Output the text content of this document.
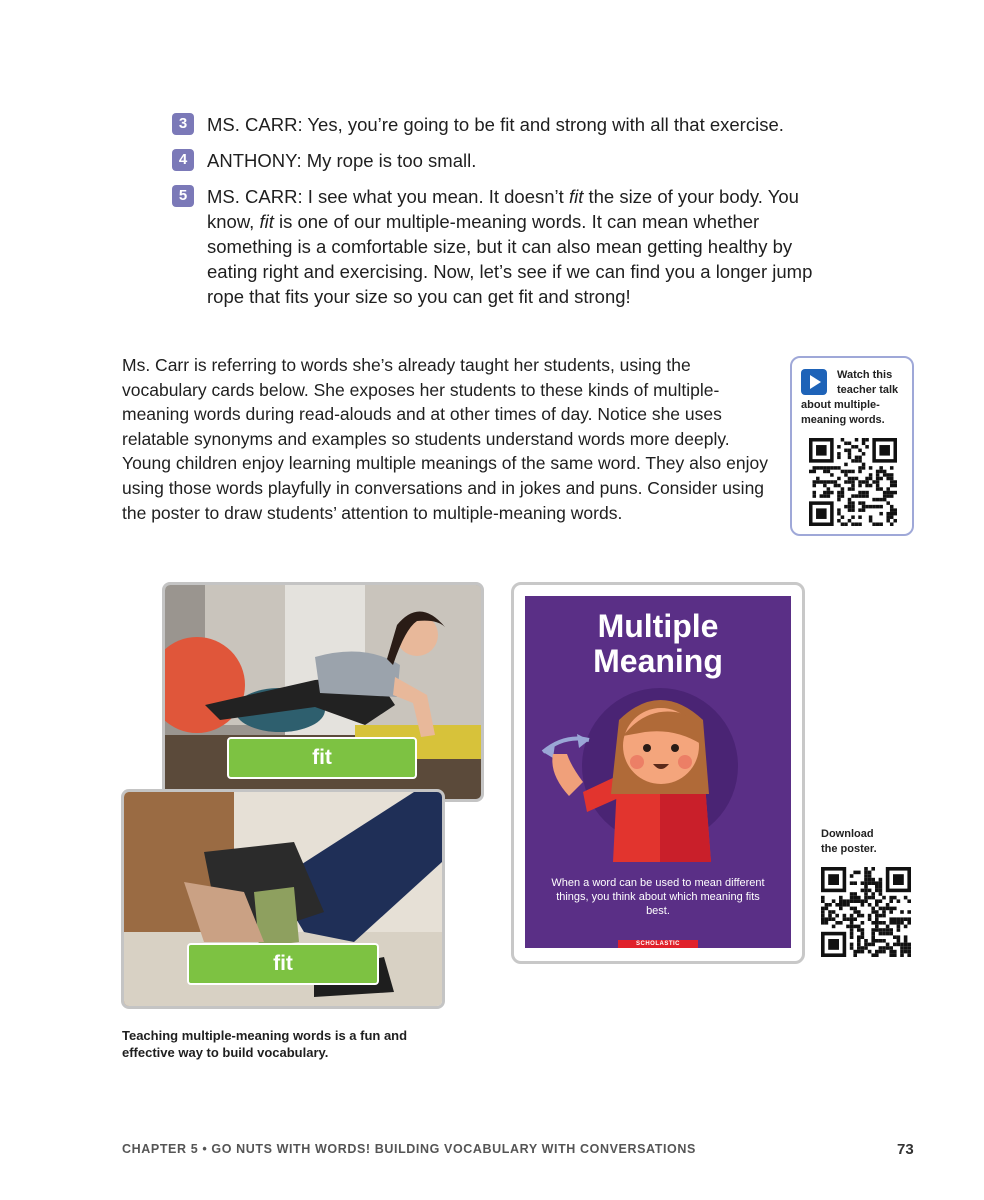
3	MS. CARR: Yes, you’re going to be fit and strong with all that exercise.
4	ANTHONY: My rope is too small.
5	MS. CARR: I see what you mean. It doesn’t fit the size of your body. You know, fit is one of our multiple-meaning words. It can mean whether something is a comfortable size, but it can also mean getting healthy by eating right and exercising. Now, let’s see if we can find you a longer jump rope that fits your size so you can get fit and strong!
Ms. Carr is referring to words she’s already taught her students, using the vocabulary cards below. She exposes her students to these kinds of multiple-meaning words during read-alouds and at other times of day. Notice she uses relatable synonyms and examples so students understand words more deeply. Young children enjoy learning multiple meanings of the same word. They also enjoy using those words playfully in conversations and in jokes and puns. Consider using the poster to draw students’ attention to multiple-meaning words.
Watch this
teacher talk
about multiple-
meaning words.
fit
fit
Teaching multiple-meaning words is a fun and effective way to build vocabulary.
Multiple
Meaning
When a word can be used to mean different things, you think about which meaning fits best.
SCHOLASTIC
Download
the poster.
CHAPTER 5 • GO NUTS WITH WORDS! BUILDING VOCABULARY WITH CONVERSATIONS	73
